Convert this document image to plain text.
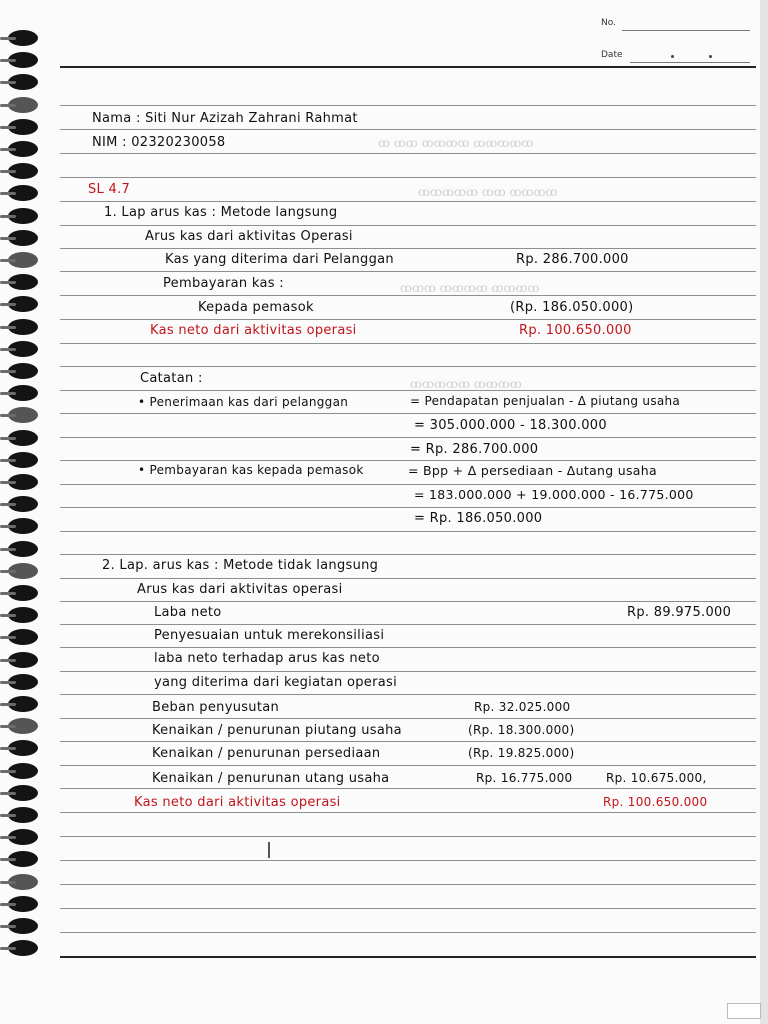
No.
Date
ꝏ ꝏꝏ ꝏꝏꝏꝏ ꝏꝏꝏꝏꝏ
ꝏꝏꝏꝏꝏ ꝏꝏ ꝏꝏꝏꝏ
ꝏꝏꝏ ꝏꝏꝏꝏ ꝏꝏꝏꝏ
ꝏꝏꝏꝏꝏ ꝏꝏꝏꝏ
Nama : Siti Nur Azizah Zahrani Rahmat
NIM : 02320230058
SL 4.7
1. Lap arus kas : Metode langsung
Arus kas dari aktivitas Operasi
Kas yang diterima dari Pelanggan	Rp. 286.700.000
Pembayaran kas :
Kepada pemasok	(Rp. 186.050.000)
Kas neto dari aktivitas operasi	Rp. 100.650.000
Catatan :
• Penerimaan kas dari pelanggan	= Pendapatan penjualan - Δ piutang usaha
= 305.000.000 - 18.300.000
= Rp. 286.700.000
• Pembayaran kas kepada pemasok	= Bpp + Δ persediaan - Δutang usaha
= 183.000.000 + 19.000.000 - 16.775.000
= Rp. 186.050.000
2. Lap. arus kas : Metode tidak langsung
Arus kas dari aktivitas operasi
Laba neto	Rp. 89.975.000
Penyesuaian untuk merekonsiliasi
laba neto terhadap arus kas neto
yang diterima dari kegiatan operasi
Beban penyusutan	Rp. 32.025.000
Kenaikan / penurunan piutang usaha	(Rp. 18.300.000)
Kenaikan / penurunan persediaan	(Rp. 19.825.000)
Kenaikan / penurunan utang usaha	Rp. 16.775.000	Rp. 10.675.000,
Kas neto dari aktivitas operasi	Rp. 100.650.000
